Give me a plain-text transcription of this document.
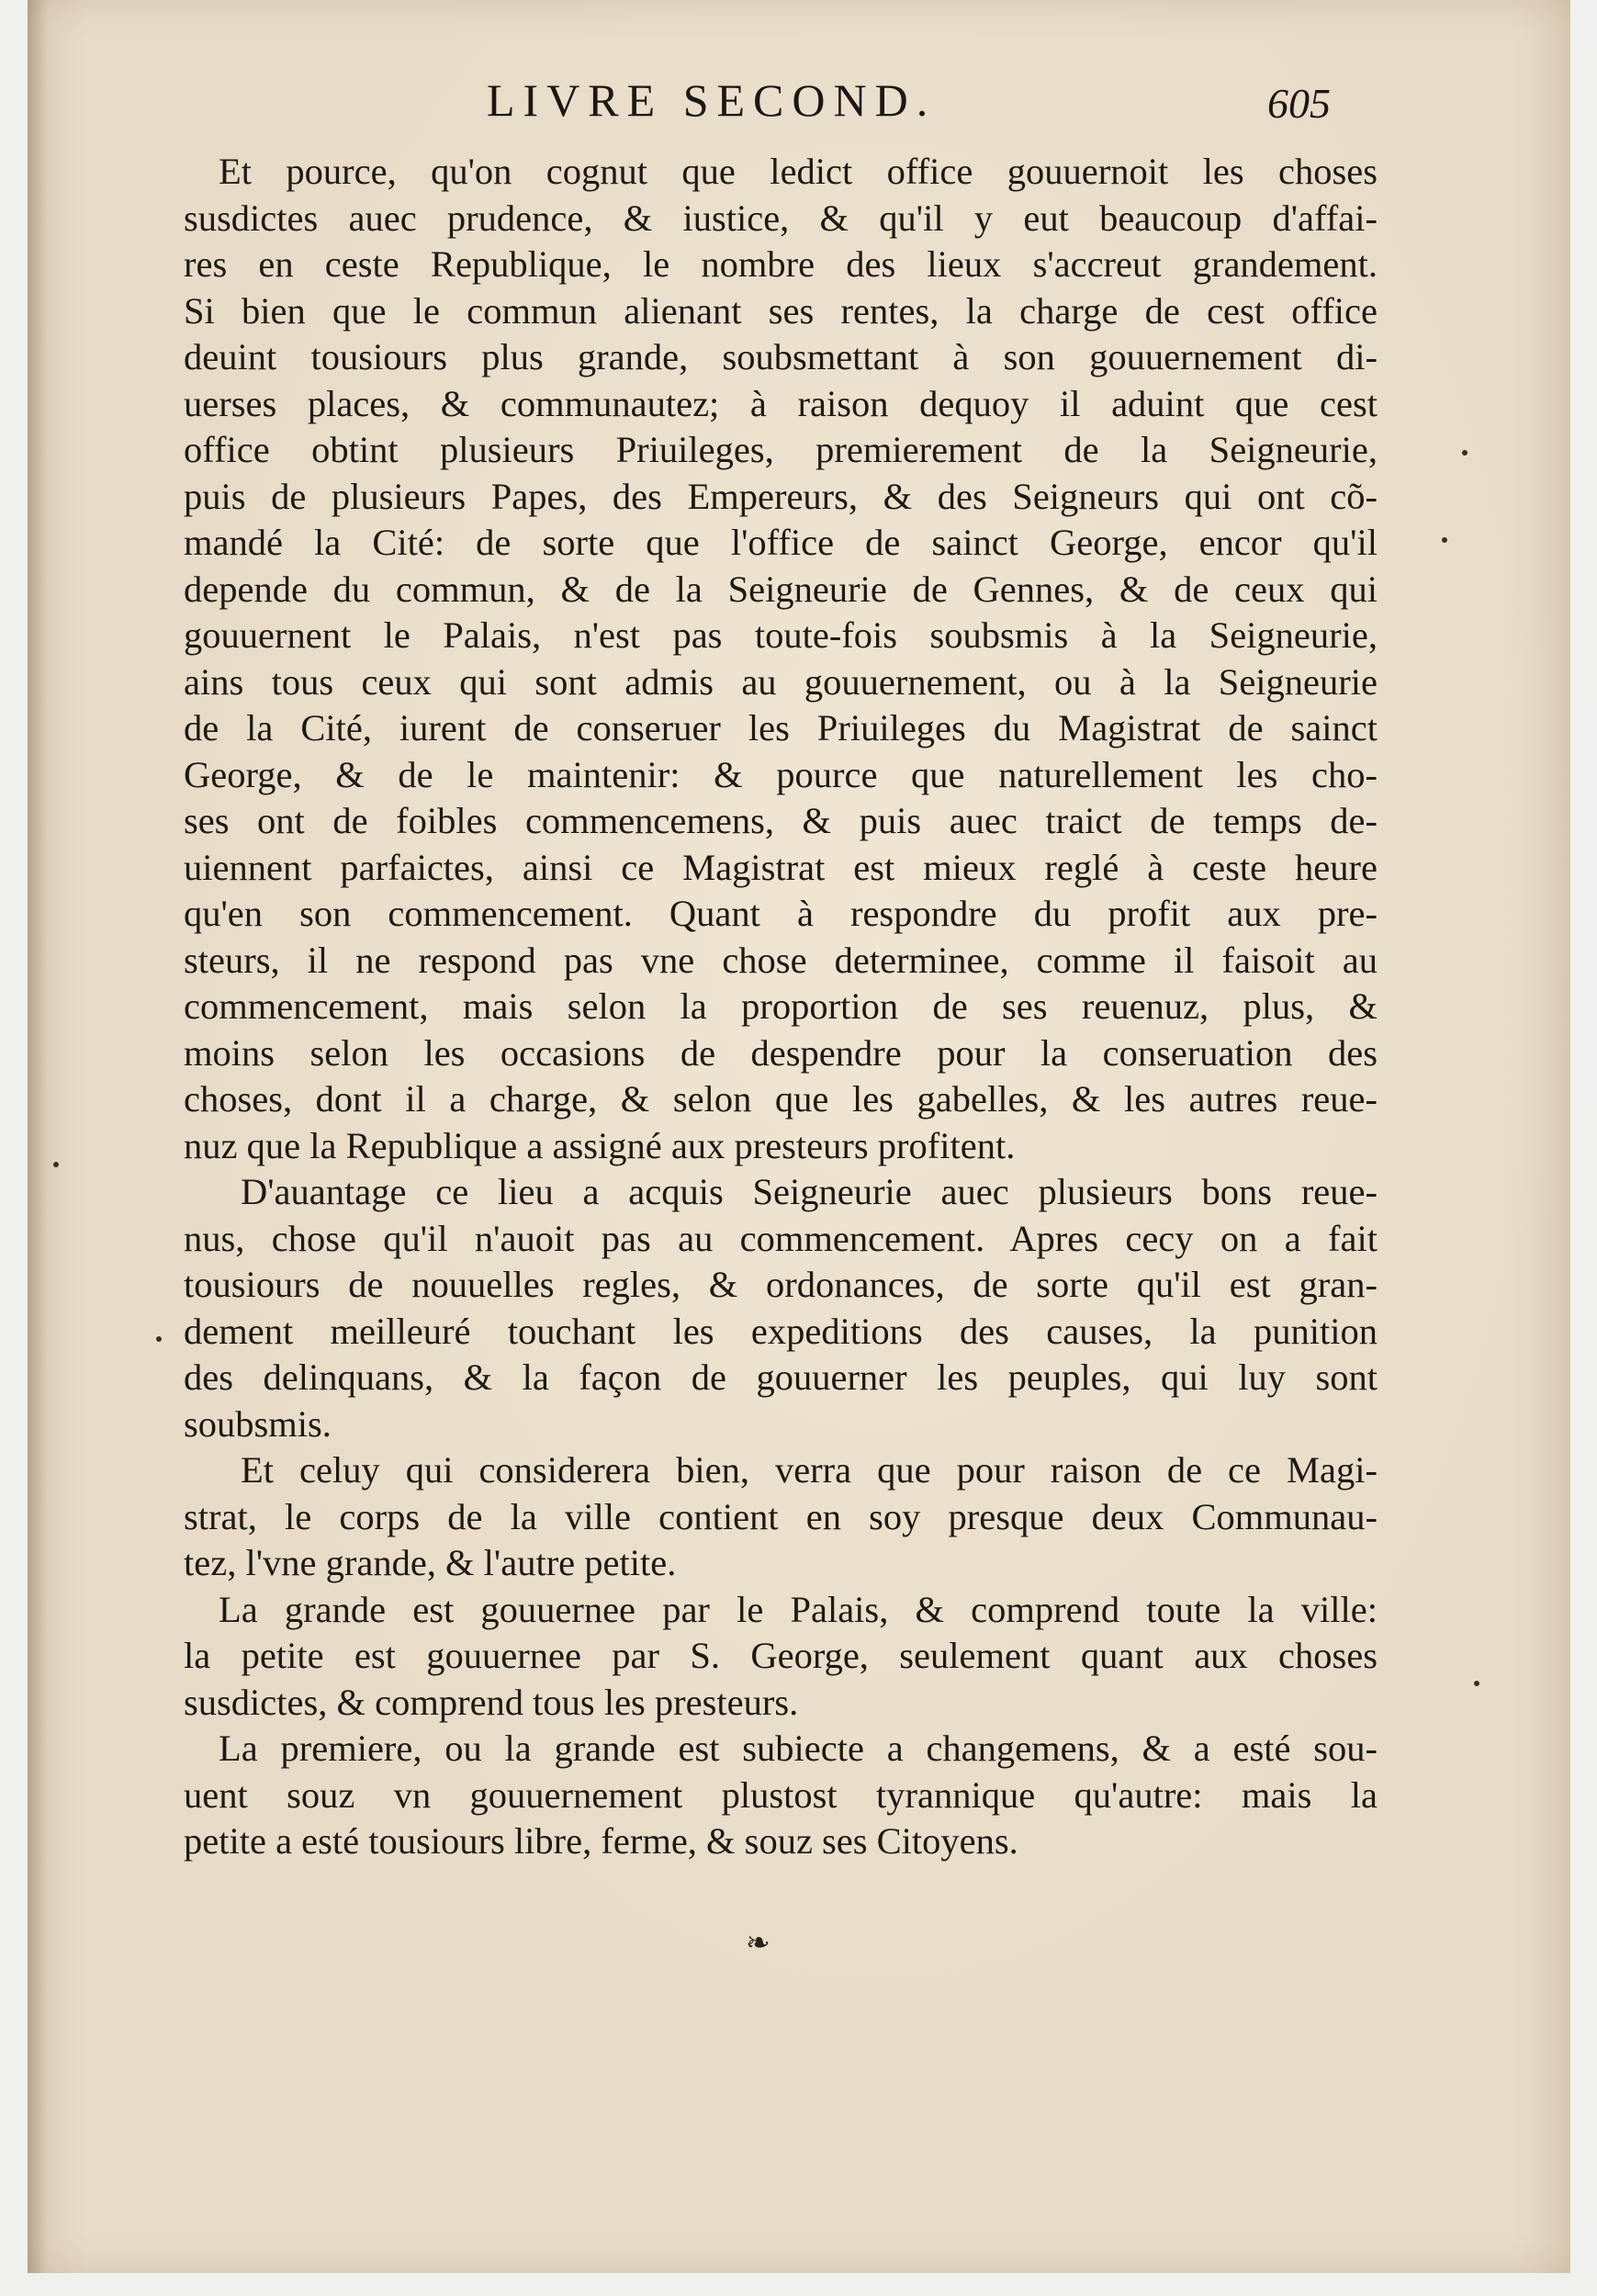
LIVRE SECOND.	605
Et pource, qu'on cognut que ledict office gouuernoit les choses
susdictes auec prudence, & iustice, & qu'il y eut beaucoup d'affai-
res en ceste Republique, le nombre des lieux s'accreut grandement.
Si bien que le commun alienant ses rentes, la charge de cest office
deuint tousiours plus grande, soubsmettant à son gouuernement di-
uerses places, & communautez; à raison dequoy il aduint que cest
office obtint plusieurs Priuileges, premierement de la Seigneurie,
puis de plusieurs Papes, des Empereurs, & des Seigneurs qui ont cõ-
mandé la Cité: de sorte que l'office de sainct George, encor qu'il
depende du commun, & de la Seigneurie de Gennes, & de ceux qui
gouuernent le Palais, n'est pas toute-fois soubsmis à la Seigneurie,
ains tous ceux qui sont admis au gouuernement, ou à la Seigneurie
de la Cité, iurent de conseruer les Priuileges du Magistrat de sainct
George, & de le maintenir: & pource que naturellement les cho-
ses ont de foibles commencemens, & puis auec traict de temps de-
uiennent parfaictes, ainsi ce Magistrat est mieux reglé à ceste heure
qu'en son commencement. Quant à respondre du profit aux pre-
steurs, il ne respond pas vne chose determinee, comme il faisoit au
commencement, mais selon la proportion de ses reuenuz, plus, &
moins selon les occasions de despendre pour la conseruation des
choses, dont il a charge, & selon que les gabelles, & les autres reue-
nuz que la Republique a assigné aux presteurs profitent.
D'auantage ce lieu a acquis Seigneurie auec plusieurs bons reue-
nus, chose qu'il n'auoit pas au commencement. Apres cecy on a fait
tousiours de nouuelles regles, & ordonances, de sorte qu'il est gran-
dement meilleuré touchant les expeditions des causes, la punition
des delinquans, & la façon de gouuerner les peuples, qui luy sont
soubsmis.
Et celuy qui considerera bien, verra que pour raison de ce Magi-
strat, le corps de la ville contient en soy presque deux Communau-
tez, l'vne grande, & l'autre petite.
La grande est gouuernee par le Palais, & comprend toute la ville:
la petite est gouuernee par S. George, seulement quant aux choses
susdictes, & comprend tous les presteurs.
La premiere, ou la grande est subiecte a changemens, & a esté sou-
uent souz vn gouuernement plustost tyrannique qu'autre: mais la
petite a esté tousiours libre, ferme, & souz ses Citoyens.
❧
